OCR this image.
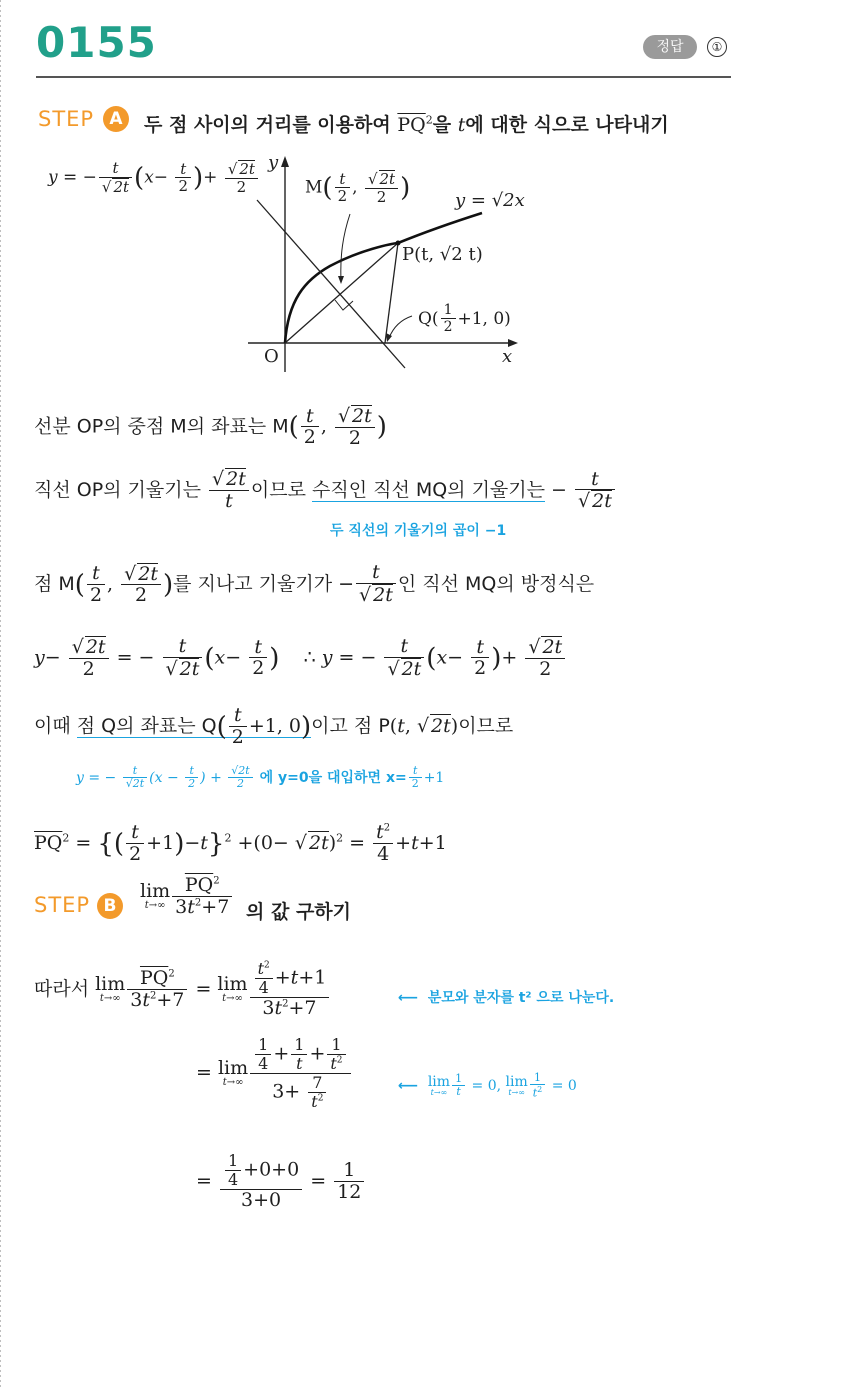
0155	정답	①
STEP A	두 점 사이의 거리를 이용하여 $\overline{PQ}^2$을 t에 대한 식으로 나타내기
y = − $\frac{t}{√ 2t} (x- \frac{t}{2}$ )+ $\frac{√ 2t}{2}$ y
$M( \frac{t}{2}$ , $\frac{√ 2t}{2}$ ) y = √2x
P(t, √2 t)
$Q( \frac{1}{2} +1$, 0)
O	x
선분 OP의 중점 M의 좌표는 $M( \frac{t}{2}$ , $\frac{√ 2t}{2}$ )
직선 OP의 기울기는 $\frac{√ 2t}{t}$ 이므로 수직인 직선 MQ의 기울기는 − $\frac{t}{√ 2t}$
두 직선의 기울기의 곱이 −1
점 $M( \frac{t}{2}$ , $\frac{√ 2t}{2}$ )를 지나고 기울기가 − $\frac{t}{√ 2t}$ 인 직선 MQ의 방정식은
$y- \frac{√ 2t}{2}$ = − $\frac{t}{√ 2t} (x- \frac{t}{2}$ )    ∴ y = − $\frac{t}{√ 2t} (x- \frac{t}{2}$ )+ $\frac{√ 2t}{2}$
이때 점 Q의 좌표는 $Q( \frac{t}{2} +1$, 0)이고 점 P(t, √ 2t)이므로
y = − $\frac{t}{√2t} (x - \frac{t}{2}$ ) + $\frac{√2t}{2}$ 에 y=0을 대입하면 $x= \frac{t}{2} +1$
$\overline{PQ}^2$ = {( $\frac{t}{2} +1)-t\}^2 +(0-$ √ $2t)^2 = \frac{t^2}{4} +t+1$
STEP B
lim
$t\to\infty \frac{\overline{PQ}^2}{3t^2+7}$ 의 값 구하기
따라서 lim
$t\to\infty \frac{\overline{PQ}^2}{3t^2+7} = \lim$
$t\to\infty \frac{\frac{t^2}{4} +t+1}{3t^2+7}$	⟵  분모와 분자를 t² 으로 나눈다.
= lim
$t\to\infty \frac{\frac{1}{4} + \frac{1}{t} + \frac{1}{t^2}}{3+ \frac{7}{t^2}}$	⟵  lim
$t\to\infty \frac{1}{t} = 0$, lim
$t\to\infty \frac{1}{t^2} = 0$
= $\frac{\frac{1}{4} +0+0}{3+0} = \frac{1}{12}$
